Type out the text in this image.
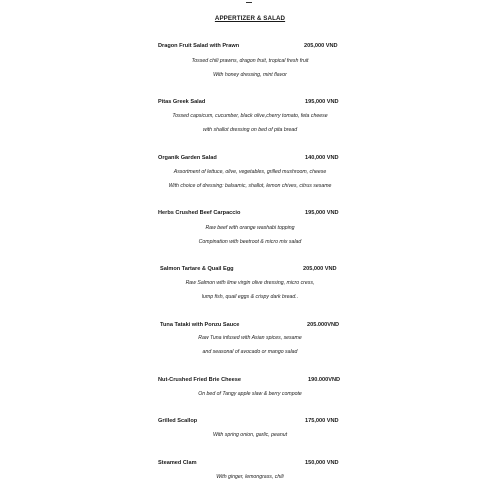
APPERTIZER & SALAD
Dragon Fruit Salad with Prawn	205,000 VND
Tossed chili prawns, dragon fruit, tropical fresh fruit
With honey dressing, mint flavor
Pitas Greek Salad	195,000 VND
Tossed capsicum, cucumber, black olive,cherry tomato, feta cheese
with shallot dressing on bed of pita bread
Organik Garden Salad	140,000 VND
Assortment of lettuce, olive, vegetables, grilled mushroom, cheese
With choice of dressing: balsamic, shallot, lemon chives, citrus sesame
Herbs Crushed Beef Carpaccio	195,000 VND
Raw beef with orange washabi topping
Compination with beetroot & micro mix salad
Salmon Tartare & Quail Egg	205,000 VND
Raw Salmon with lime virgin olive dressing, micro cress,
lump fish, quail eggs & crispy dark bread..
Tuna Tataki with Ponzu Sauce	205.000VND
Raw Tuna infused with Asian spices, sesame
and seasonal of avocado or mango salad
Nut-Crushed Fried Brie Cheese	190.000VND
On bed of Tangy apple slaw & berry compote
Grilled Scallop	175,000 VND
With spring onion, garlic, peanut
Steamed Clam	150,000 VND
With ginger, lemongrass, chili
